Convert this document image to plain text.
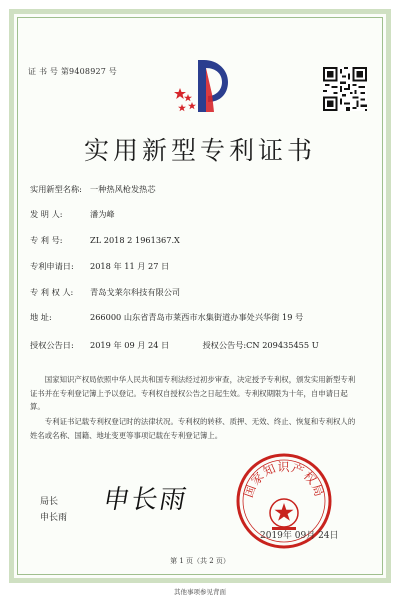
证 书 号 第9408927 号
实用新型专利证书
实用新型名称: 一种热风枪发热芯
发 明 人:	潘为峰
专 利 号:	ZL 2018 2 1961367.X
专利申请日: 2018 年 11 月 27 日
专 利 权 人: 青岛戈莱尔科技有限公司
地 址:	266000 山东省青岛市莱西市水集街道办事处兴华街 19 号
授权公告日: 2019 年 09 月 24 日	授权公告号:CN 209435455 U
国家知识产权局依照中华人民共和国专利法经过初步审查，决定授予专利权，颁发实用新型专利证书并在专利登记簿上予以登记。专利权自授权公告之日起生效。专利权期限为十年，自申请日起算。
专利证书记载专利权登记时的法律状况。专利权的转移、质押、无效、终止、恢复和专利权人的姓名或名称、国籍、地址变更等事项记载在专利登记簿上。
局长
申长雨
申长雨	国家知识产权局
2019年 09月 24日
第 1 页（共 2 页）
其他事项参见背面
